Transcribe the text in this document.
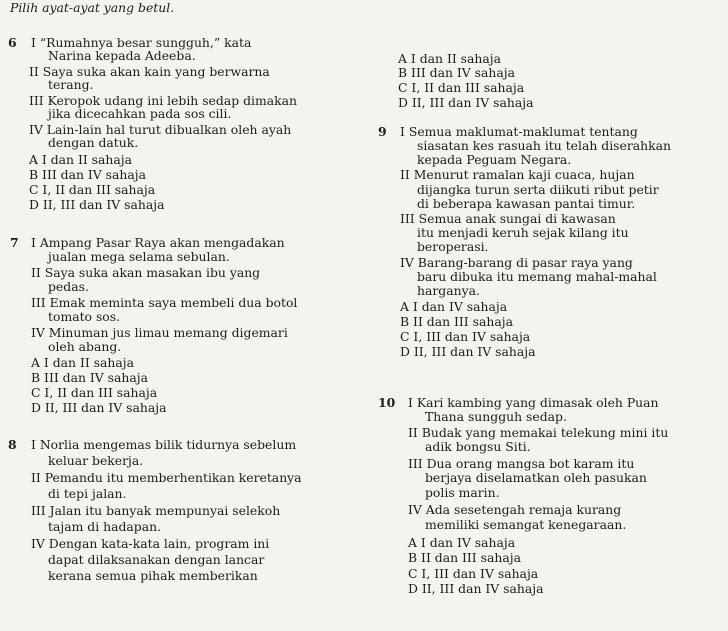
Pilih ayat-ayat yang betul.
6 I “Rumahnya besar sungguh,” kata
Narina kepada Adeeba.
II Saya suka akan kain yang berwarna
terang.
III Keropok udang ini lebih sedap dimakan
jika dicecahkan pada sos cili.
IV Lain-lain hal turut dibualkan oleh ayah
dengan datuk.
A I dan II sahaja
B III dan IV sahaja
C I, II dan III sahaja
D II, III dan IV sahaja
7 I Ampang Pasar Raya akan mengadakan
jualan mega selama sebulan.
II Saya suka akan masakan ibu yang
pedas.
III Emak meminta saya membeli dua botol
tomato sos.
IV Minuman jus limau memang digemari
oleh abang.
A I dan II sahaja
B III dan IV sahaja
C I, II dan III sahaja
D II, III dan IV sahaja
8 I Norlia mengemas bilik tidurnya sebelum
keluar bekerja.
II Pemandu itu memberhentikan keretanya
di tepi jalan.
III Jalan itu banyak mempunyai selekoh
tajam di hadapan.
IV Dengan kata-kata lain, program ini
dapat dilaksanakan dengan lancar
kerana semua pihak memberikan
A I dan II sahaja
B III dan IV sahaja
C I, II dan III sahaja
D II, III dan IV sahaja
9 I Semua maklumat-maklumat tentang
siasatan kes rasuah itu telah diserahkan
kepada Peguam Negara.
II Menurut ramalan kaji cuaca, hujan
dijangka turun serta diikuti ribut petir
di beberapa kawasan pantai timur.
III Semua anak sungai di kawasan
itu menjadi keruh sejak kilang itu
beroperasi.
IV Barang-barang di pasar raya yang
baru dibuka itu memang mahal-mahal
harganya.
A I dan IV sahaja
B II dan III sahaja
C I, III dan IV sahaja
D II, III dan IV sahaja
10 I Kari kambing yang dimasak oleh Puan
Thana sungguh sedap.
II Budak yang memakai telekung mini itu
adik bongsu Siti.
III Dua orang mangsa bot karam itu
berjaya diselamatkan oleh pasukan
polis marin.
IV Ada sesetengah remaja kurang
memiliki semangat kenegaraan.
A I dan IV sahaja
B II dan III sahaja
C I, III dan IV sahaja
D II, III dan IV sahaja
